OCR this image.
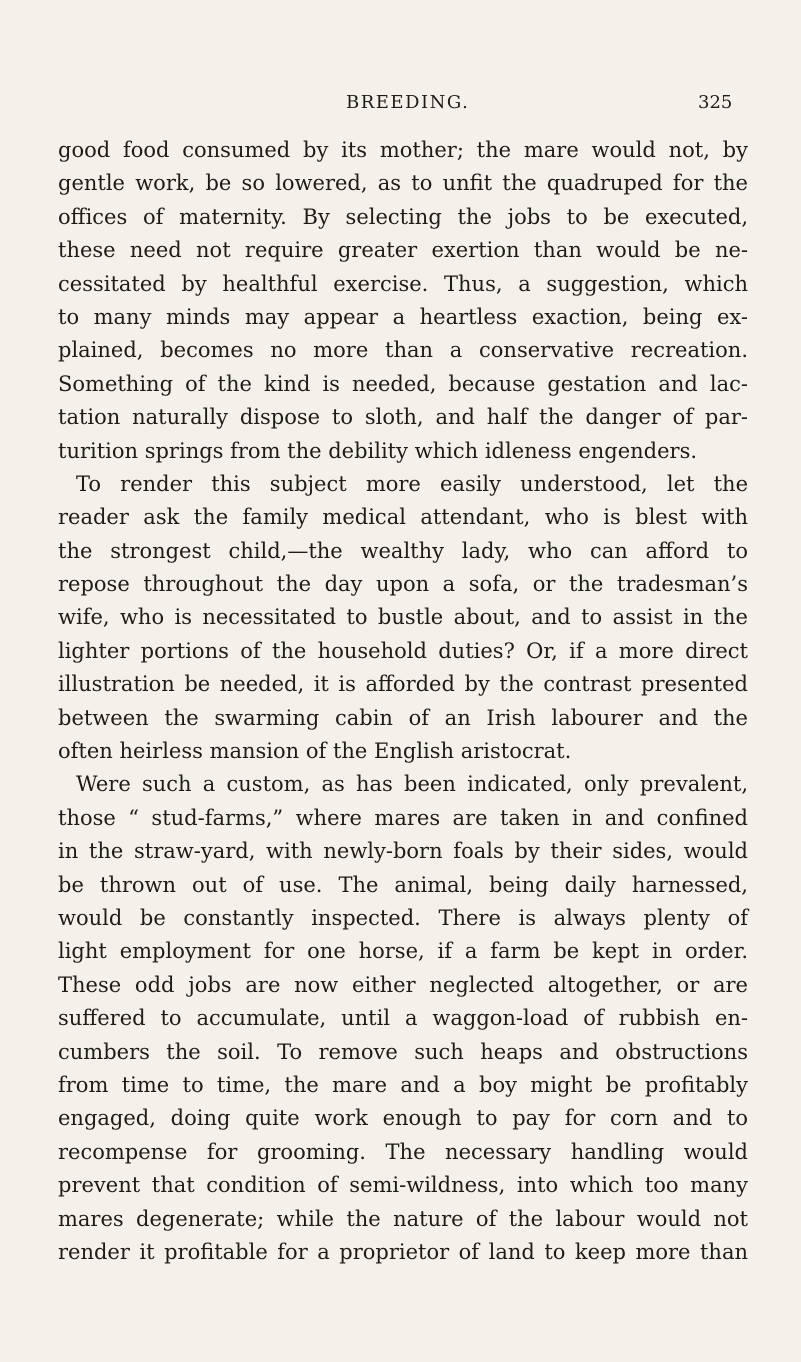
BREEDING.	325
good food consumed by its mother; the mare would not, by
gentle work, be so lowered, as to unfit the quadruped for the
offices of maternity. By selecting the jobs to be executed,
these need not require greater exertion than would be ne-
cessitated by healthful exercise. Thus, a suggestion, which
to many minds may appear a heartless exaction, being ex-
plained, becomes no more than a conservative recreation.
Something of the kind is needed, because gestation and lac-
tation naturally dispose to sloth, and half the danger of par-
turition springs from the debility which idleness engenders.
To render this subject more easily understood, let the
reader ask the family medical attendant, who is blest with
the strongest child,—the wealthy lady, who can afford to
repose throughout the day upon a sofa, or the tradesman’s
wife, who is necessitated to bustle about, and to assist in the
lighter portions of the household duties? Or, if a more direct
illustration be needed, it is afforded by the contrast presented
between the swarming cabin of an Irish labourer and the
often heirless mansion of the English aristocrat.
Were such a custom, as has been indicated, only prevalent,
those “ stud-farms,” where mares are taken in and confined
in the straw-yard, with newly-born foals by their sides, would
be thrown out of use. The animal, being daily harnessed,
would be constantly inspected. There is always plenty of
light employment for one horse, if a farm be kept in order.
These odd jobs are now either neglected altogether, or are
suffered to accumulate, until a waggon-load of rubbish en-
cumbers the soil. To remove such heaps and obstructions
from time to time, the mare and a boy might be profitably
engaged, doing quite work enough to pay for corn and to
recompense for grooming. The necessary handling would
prevent that condition of semi-wildness, into which too many
mares degenerate; while the nature of the labour would not
render it profitable for a proprietor of land to keep more than
